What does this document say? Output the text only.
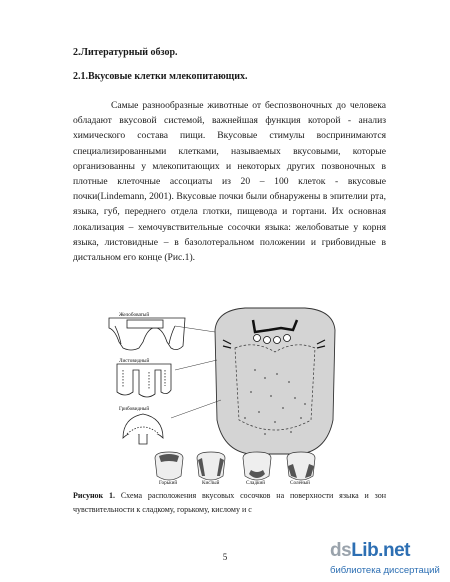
2.Литературный обзор.
2.1.Вкусовые клетки млекопитающих.

Самые разнообразные животные от беспозвоночных до человека обладают вкусовой системой, важнейшая функция которой - анализ химического состава пищи. Вкусовые стимулы воспринимаются специализированными клетками, называемых вкусовыми, которые организованны у млекопитающих и некоторых других позвоночных в плотные клеточные ассоциаты из 20 – 100 клеток - вкусовые почки(Lindemann, 2001). Вкусовые почки были обнаружены в эпителии рта, языка, губ, переднего отдела глотки, пищевода и гортани. Их основная локализация – хемочувствительные сосочки языка: желобоватые у корня языка, листовидные – в базолотеральном положении и грибовидные в дистальном его конце (Рис.1).

Желобоватый
Листовидный
Грибовидный
Горький	Кислый	Сладкий	Соленый
Рисунок 1. Схема расположения вкусовых сосочков на поверхности языка и зон чувствительности к сладкому, горькому, кислому и с
5	dsLib.net
библиотека диссертаций
